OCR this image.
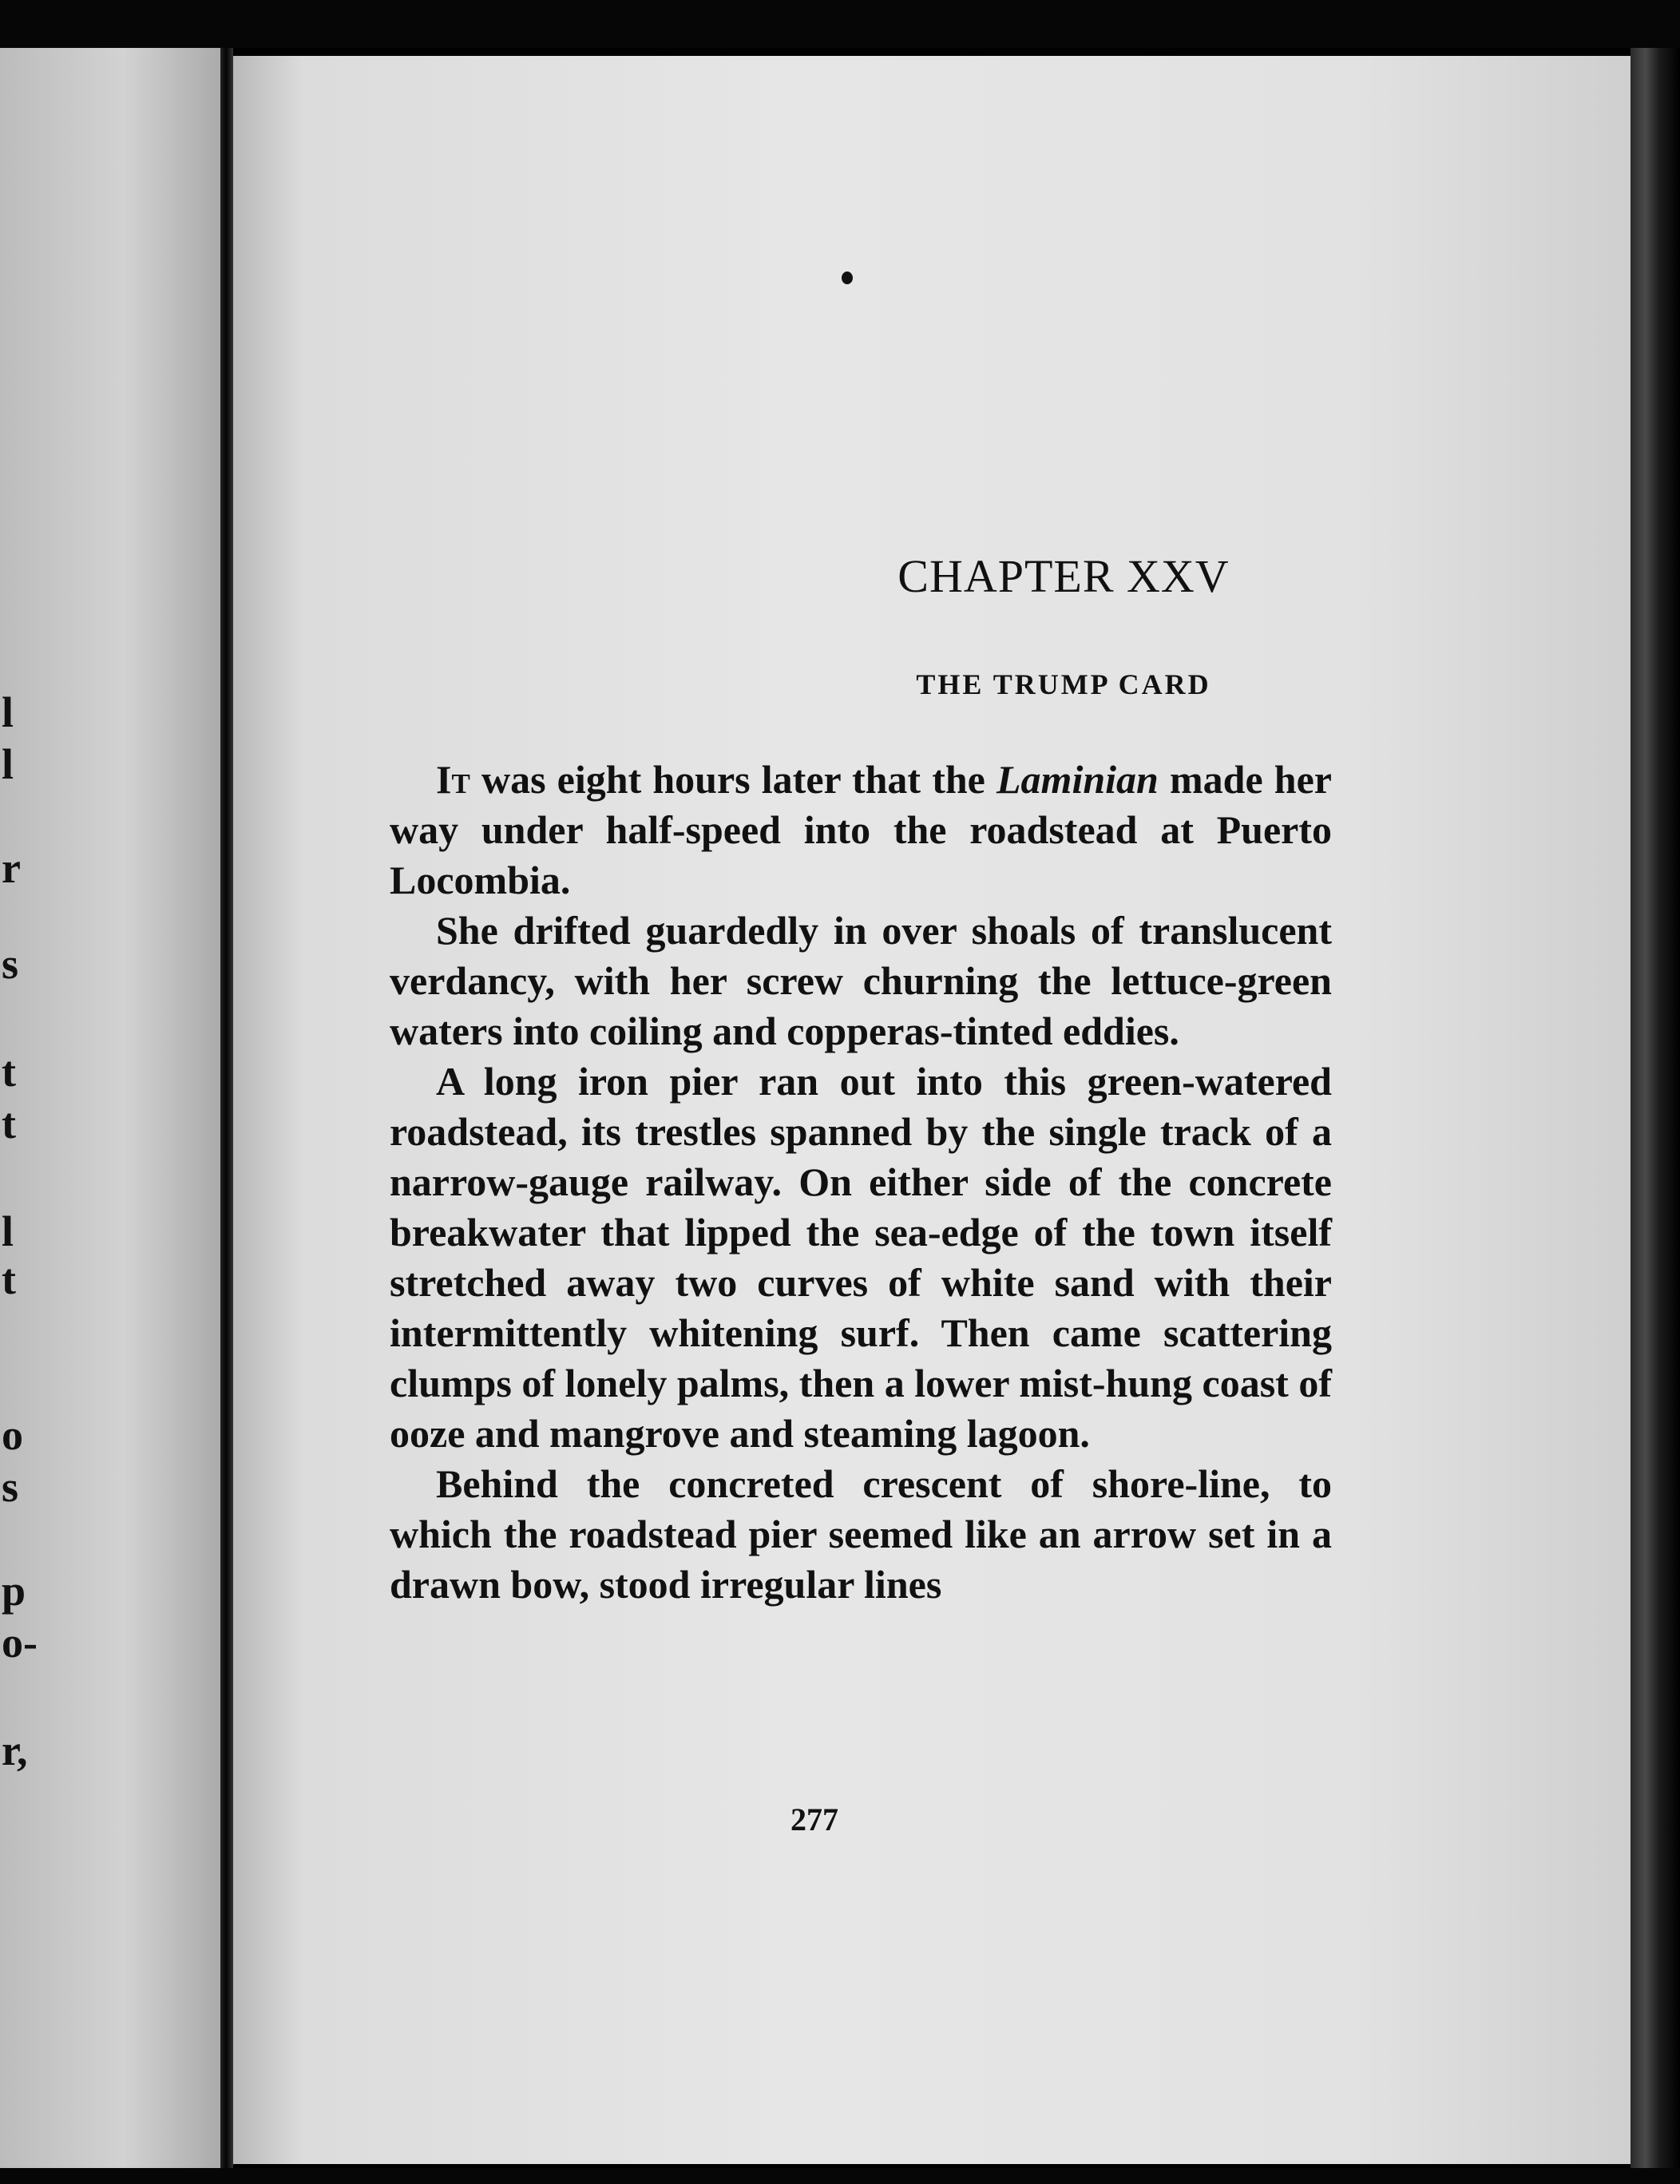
l
l
r
s
t
t
l
t
o
s
p
o-
r,
CHAPTER XXV
THE TRUMP CARD

It was eight hours later that the Laminian made her way under half-speed into the roadstead at Puerto Locombia.

She drifted guardedly in over shoals of translucent verdancy, with her screw churning the lettuce-green waters into coiling and copperas-tinted eddies.

A long iron pier ran out into this green-watered roadstead, its trestles spanned by the single track of a narrow-gauge railway. On either side of the concrete breakwater that lipped the sea-edge of the town itself stretched away two curves of white sand with their intermittently whitening surf. Then came scattering clumps of lonely palms, then a lower mist-hung coast of ooze and mangrove and steaming lagoon.

Behind the concreted crescent of shore-line, to which the roadstead pier seemed like an arrow set in a drawn bow, stood irregular lines

277
